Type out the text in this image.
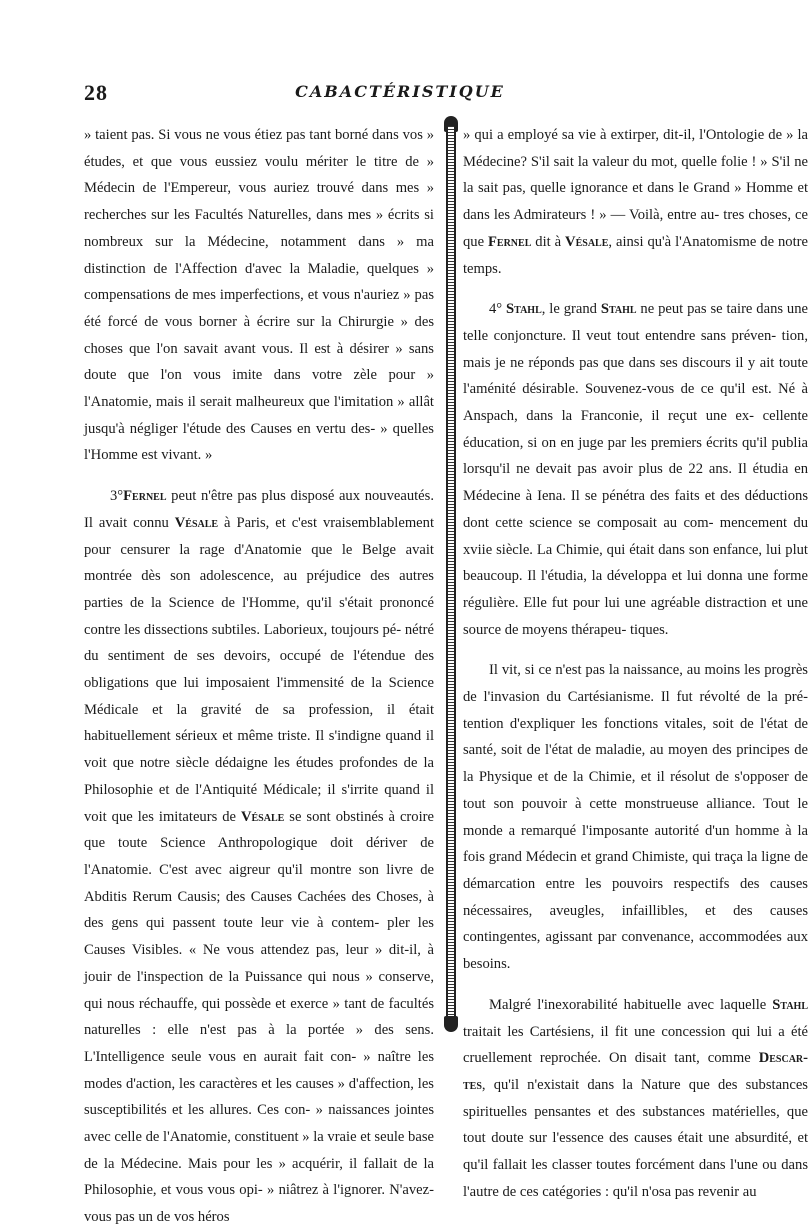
28	CABACTÉRISTIQUE

» taient pas. Si vous ne vous étiez pas tant borné dans vos » études, et que vous eussiez voulu mériter le titre de » Médecin de l'Empereur, vous auriez trouvé dans mes » recherches sur les Facultés Naturelles, dans mes » écrits si nombreux sur la Médecine, notamment dans » ma distinction de l'Affection d'avec la Maladie, quelques » compensations de mes imperfections, et vous n'auriez » pas été forcé de vous borner à écrire sur la Chirurgie » des choses que l'on savait avant vous. Il est à désirer » sans doute que l'on vous imite dans votre zèle pour » l'Anatomie, mais il serait malheureux que l'imitation » allât jusqu'à négliger l'étude des Causes en vertu des- » quelles l'Homme est vivant. »

3°Fernel peut n'être pas plus disposé aux nouveautés. Il avait connu Vésale à Paris, et c'est vraisemblablement pour censurer la rage d'Anatomie que le Belge avait montrée dès son adolescence, au préjudice des autres parties de la Science de l'Homme, qu'il s'était prononcé contre les dissections subtiles. Laborieux, toujours pé- nétré du sentiment de ses devoirs, occupé de l'étendue des obligations que lui imposaient l'immensité de la Science Médicale et la gravité de sa profession, il était habituellement sérieux et même triste. Il s'indigne quand il voit que notre siècle dédaigne les études profondes de la Philosophie et de l'Antiquité Médicale; il s'irrite quand il voit que les imitateurs de Vésale se sont obstinés à croire que toute Science Anthropologique doit dériver de l'Anatomie. C'est avec aigreur qu'il montre son livre de Abditis Rerum Causis; des Causes Cachées des Choses, à des gens qui passent toute leur vie à contem- pler les Causes Visibles. « Ne vous attendez pas, leur » dit-il, à jouir de l'inspection de la Puissance qui nous » conserve, qui nous réchauffe, qui possède et exerce » tant de facultés naturelles : elle n'est pas à la portée » des sens. L'Intelligence seule vous en aurait fait con- » naître les modes d'action, les caractères et les causes » d'affection, les susceptibilités et les allures. Ces con- » naissances jointes avec celle de l'Anatomie, constituent » la vraie et seule base de la Médecine. Mais pour les » acquérir, il fallait de la Philosophie, et vous vous opi- » niâtrez à l'ignorer. N'avez-vous pas un de vos héros

» qui a employé sa vie à extirper, dit-il, l'Ontologie de » la Médecine? S'il sait la valeur du mot, quelle folie ! » S'il ne la sait pas, quelle ignorance et dans le Grand » Homme et dans les Admirateurs ! » — Voilà, entre au- tres choses, ce que Fernel dit à Vésale, ainsi qu'à l'Anatomisme de notre temps.

4° Stahl, le grand Stahl ne peut pas se taire dans une telle conjoncture. Il veut tout entendre sans préven- tion, mais je ne réponds pas que dans ses discours il y ait toute l'aménité désirable. Souvenez-vous de ce qu'il est. Né à Anspach, dans la Franconie, il reçut une ex- cellente éducation, si on en juge par les premiers écrits qu'il publia lorsqu'il ne devait pas avoir plus de 22 ans. Il étudia en Médecine à Iena. Il se pénétra des faits et des déductions dont cette science se composait au com- mencement du xviie siècle. La Chimie, qui était dans son enfance, lui plut beaucoup. Il l'étudia, la développa et lui donna une forme régulière. Elle fut pour lui une agréable distraction et une source de moyens thérapeu- tiques.

Il vit, si ce n'est pas la naissance, au moins les progrès de l'invasion du Cartésianisme. Il fut révolté de la pré- tention d'expliquer les fonctions vitales, soit de l'état de santé, soit de l'état de maladie, au moyen des principes de la Physique et de la Chimie, et il résolut de s'opposer de tout son pouvoir à cette monstrueuse alliance. Tout le monde a remarqué l'imposante autorité d'un homme à la fois grand Médecin et grand Chimiste, qui traça la ligne de démarcation entre les pouvoirs respectifs des causes nécessaires, aveugles, infaillibles, et des causes contingentes, agissant par convenance, accommodées aux besoins.

Malgré l'inexorabilité habituelle avec laquelle Stahl traitait les Cartésiens, il fit une concession qui lui a été cruellement reprochée. On disait tant, comme Descar- tes, qu'il n'existait dans la Nature que des substances spirituelles pensantes et des substances matérielles, que tout doute sur l'essence des causes était une absurdité, et qu'il fallait les classer toutes forcément dans l'une ou dans l'autre de ces catégories : qu'il n'osa pas revenir au
